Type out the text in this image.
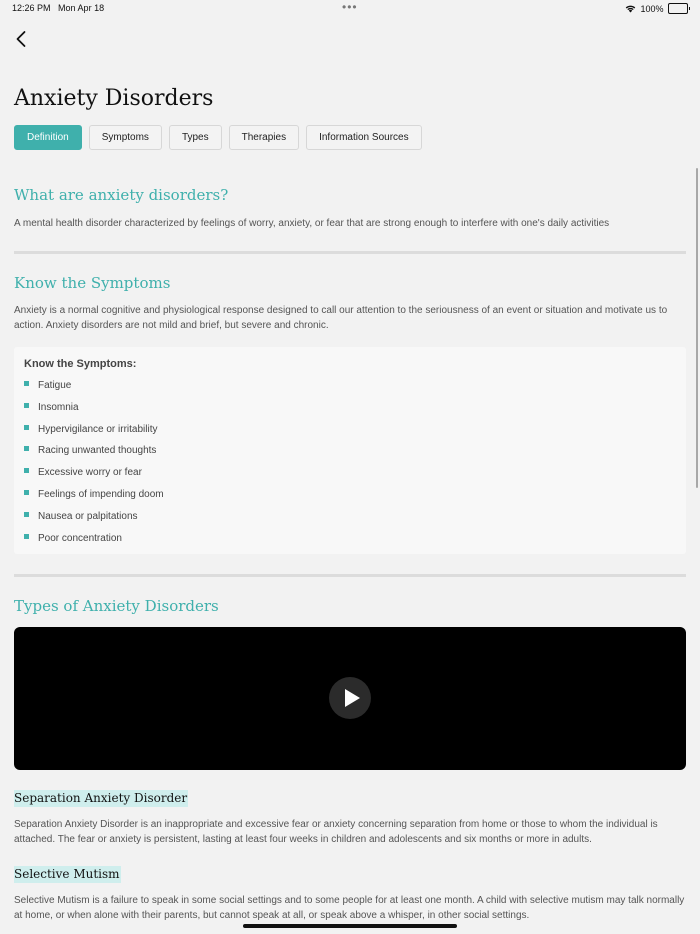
12:26 PM Mon Apr 18	•••	100%
Anxiety Disorders
Definition	Symptoms	Types	Therapies	Information Sources
What are anxiety disorders?

A mental health disorder characterized by feelings of worry, anxiety, or fear that are strong enough to interfere with one's daily activities

Know the Symptoms

Anxiety is a normal cognitive and physiological response designed to call our attention to the seriousness of an event or situation and motivate us to action. Anxiety disorders are not mild and brief, but severe and chronic.

Know the Symptoms:
Fatigue
Insomnia
Hypervigilance or irritability
Racing unwanted thoughts
Excessive worry or fear
Feelings of impending doom
Nausea or palpitations
Poor concentration
Types of Anxiety Disorders
Separation Anxiety Disorder

Separation Anxiety Disorder is an inappropriate and excessive fear or anxiety concerning separation from home or those to whom the individual is attached. The fear or anxiety is persistent, lasting at least four weeks in children and adolescents and six months or more in adults.

Selective Mutism

Selective Mutism is a failure to speak in some social settings and to some people for at least one month. A child with selective mutism may talk normally at home, or when alone with their parents, but cannot speak at all, or speak above a whisper, in other social settings.
